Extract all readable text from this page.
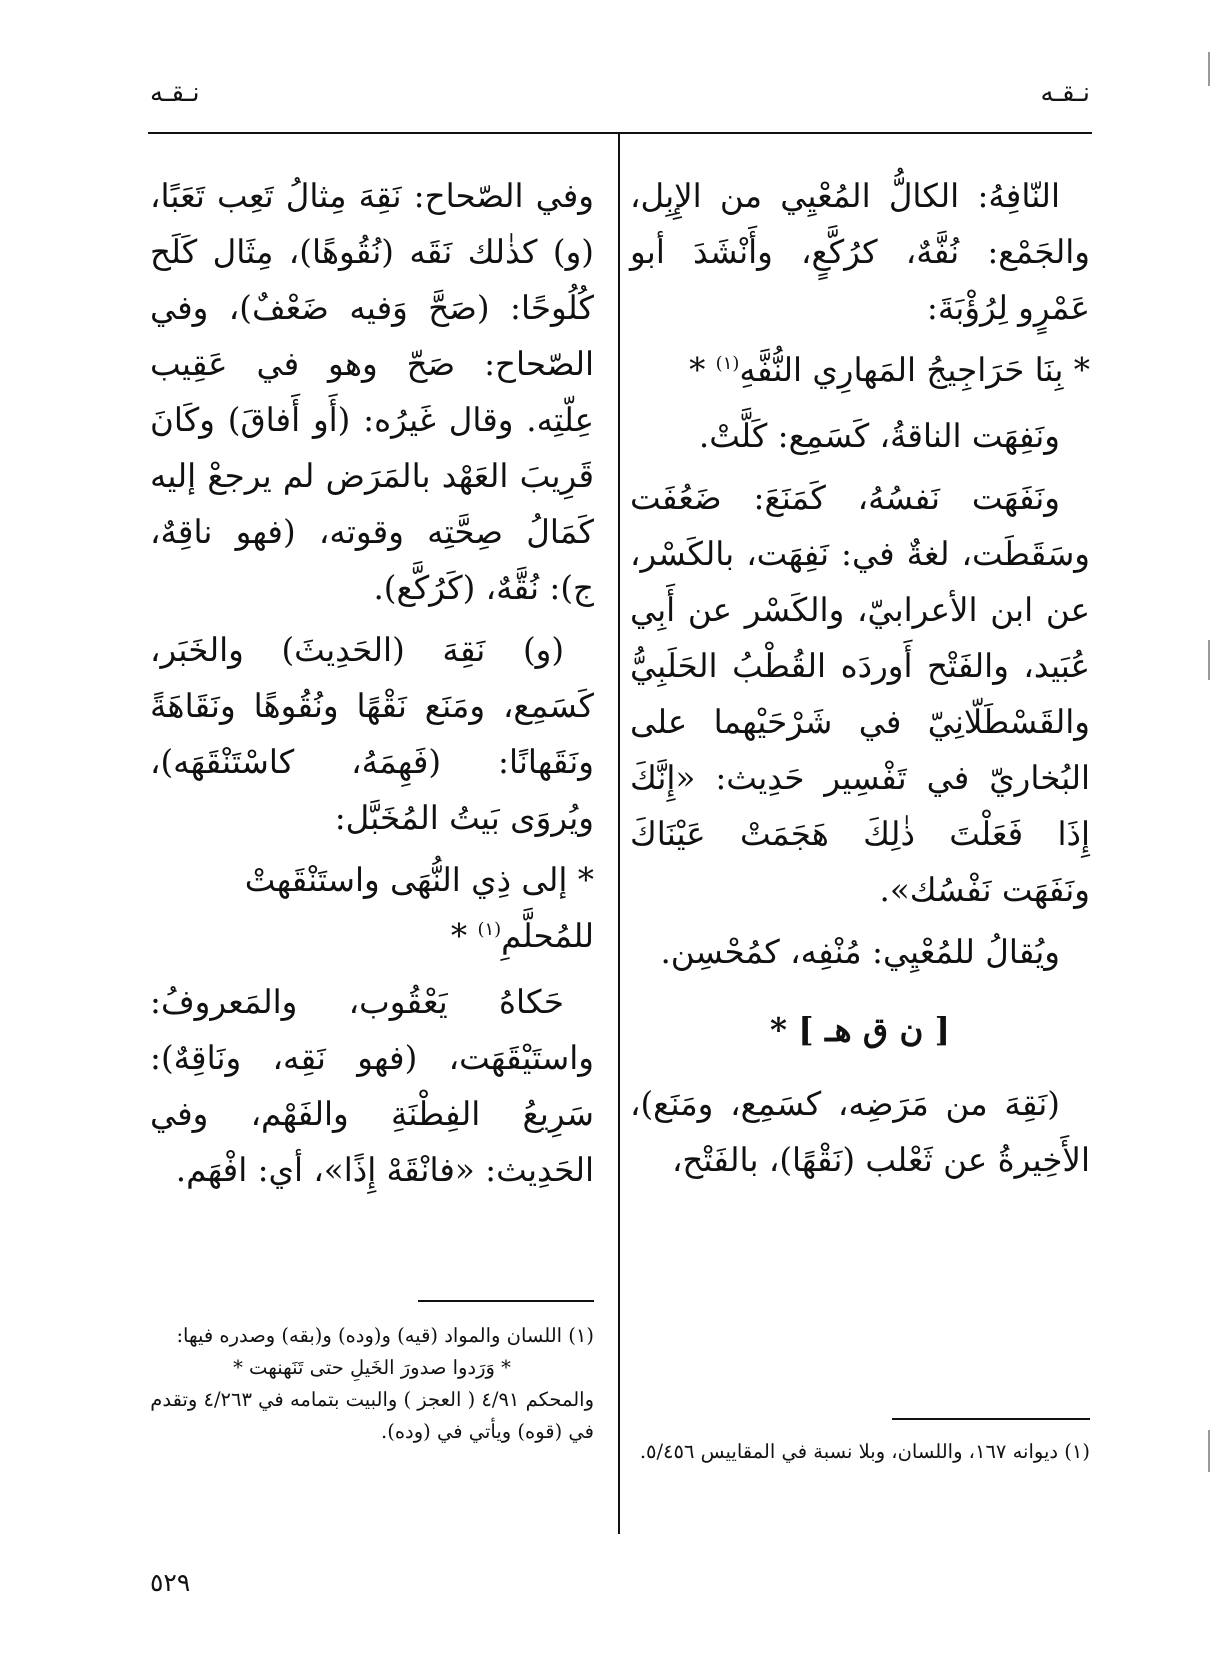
نـقـه
نـقـه

النّافِهُ: الكالُّ المُعْيِي من الإِبِل، والجَمْع: نُفَّهٌ، كرُكَّعٍ، وأَنْشَدَ أبو عَمْرٍو لِرُؤْبَةَ:

* بِنَا حَرَاجِيجُ المَهارِي النُّفَّهِ$^{(١)}$ *

ونَفِهَت الناقةُ، كَسَمِع: كَلَّتْ.

ونَفَهَت نَفسُهُ، كَمَنَعَ: ضَعُفَت وسَقَطَت، لغةٌ في: نَفِهَت، بالكَسْر، عن ابن الأعرابيّ، والكَسْر عن أَبِي عُبَيد، والفَتْح أَوردَه القُطْبُ الحَلَبِيُّ والقَسْطَلّانِيّ في شَرْحَيْهما على البُخاريّ في تَفْسِير حَدِيث: «إِنَّكَ إِذَا فَعَلْتَ ذٰلِكَ هَجَمَتْ عَيْنَاكَ ونَفَهَت نَفْسُك».

ويُقالُ للمُعْيِي: مُنْفِه، كمُحْسِن.

[ ن ق هـ ] *

(نَقِهَ من مَرَضِه، كسَمِع، ومَنَع)، الأَخِيرةُ عن ثَعْلب (نَقْهًا)، بالفَتْح،

وفي الصّحاح: نَقِهَ مِثالُ تَعِب تَعَبًا، (و) كذٰلك نَقَه (نُقُوهًا)، مِثَال كَلَح كُلُوحًا: (صَحَّ وَفيه ضَعْفٌ)، وفي الصّحاح: صَحّ وهو في عَقِيب عِلّتِه. وقال غَيرُه: (أَو أَفاقَ) وكَانَ قَرِيبَ العَهْد بالمَرَض لم يرجعْ إليه كَمَالُ صِحَّتِه وقوته، (فهو ناقِهٌ، ج): نُقَّهٌ، (كَرُكَّع).

(و) نَقِهَ (الحَدِيثَ) والخَبَر، كَسَمِع، ومَنَع نَقْهًا ونُقُوهًا ونَقَاهَةً ونَقَهانًا: (فَهِمَهُ، كاسْتَنْقَهَه)، ويُروَى بَيتُ المُخَبَّل:

* إلى ذِي النُّهَى واستَنْقَهتْ للمُحلَّمِ$^{(١)}$ *

حَكاهُ يَعْقُوب، والمَعروفُ: واستَيْقَهَت، (فهو نَقِه، ونَاقِهٌ): سَرِيعُ الفِطْنَةِ والفَهْم، وفي الحَدِيث: «فانْقَهْ إِذًا»، أي: افْهَم.

(١) ديوانه ١٦٧، واللسان، وبلا نسبة في المقاييس ٥/٤٥٦.

(١) اللسان والمواد (قيه) و(وده) و(بقه) وصدره فيها:

* وَرَدوا صدورَ الخَيلِ حتى تَنَهنهت *

والمحكم ٤/٩١ ( العجز ) والبيت بتمامه في ٤/٢٦٣ وتقدم في (قوه) ويأتي في (وده).

٥٢٩
